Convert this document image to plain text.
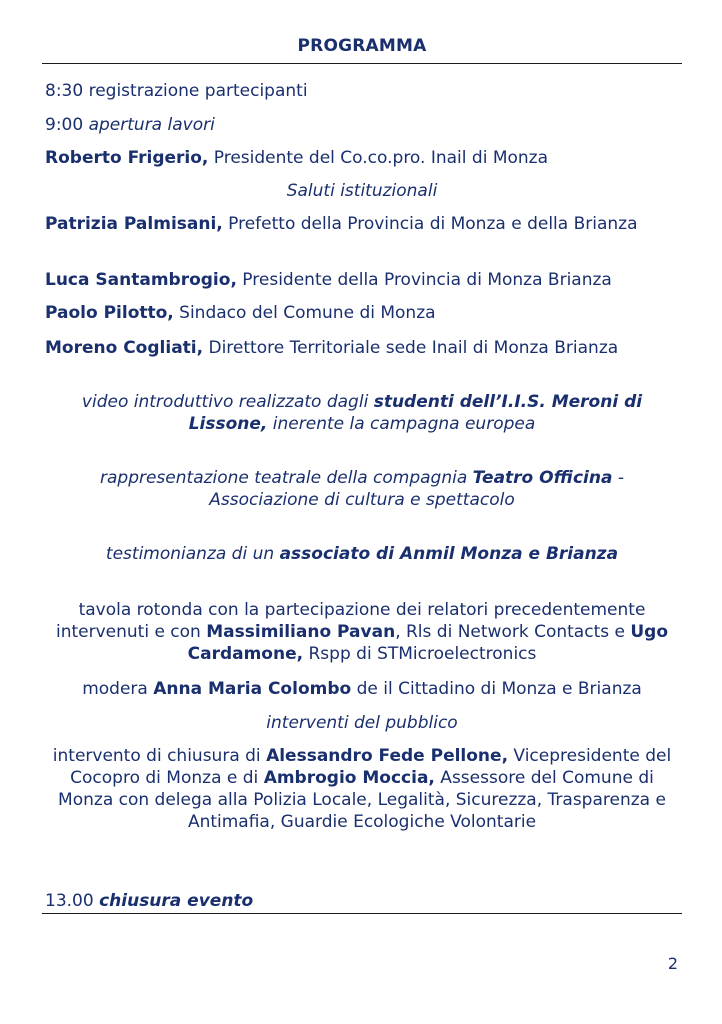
PROGRAMMA

8:30 registrazione partecipanti

9:00 apertura lavori

Roberto Frigerio, Presidente del Co.co.pro. Inail di Monza

Saluti istituzionali

Patrizia Palmisani, Prefetto della Provincia di Monza e della Brianza

Luca Santambrogio, Presidente della Provincia di Monza Brianza

Paolo Pilotto, Sindaco del Comune di Monza

Moreno Cogliati, Direttore Territoriale sede Inail di Monza Brianza

video introduttivo realizzato dagli studenti dell’I.I.S. Meroni di Lissone, inerente la campagna europea

rappresentazione teatrale della compagnia Teatro Officina - Associazione di cultura e spettacolo

testimonianza di un associato di Anmil Monza e Brianza

tavola rotonda con la partecipazione dei relatori precedentemente intervenuti e con Massimiliano Pavan, Rls di Network Contacts e Ugo Cardamone, Rspp di STMicroelectronics

modera Anna Maria Colombo de il Cittadino di Monza e Brianza

interventi del pubblico

intervento di chiusura di Alessandro Fede Pellone, Vicepresidente del Cocopro di Monza e di Ambrogio Moccia, Assessore del Comune di Monza con delega alla Polizia Locale, Legalità, Sicurezza, Trasparenza e Antimafia, Guardie Ecologiche Volontarie

13.00 chiusura evento

2
